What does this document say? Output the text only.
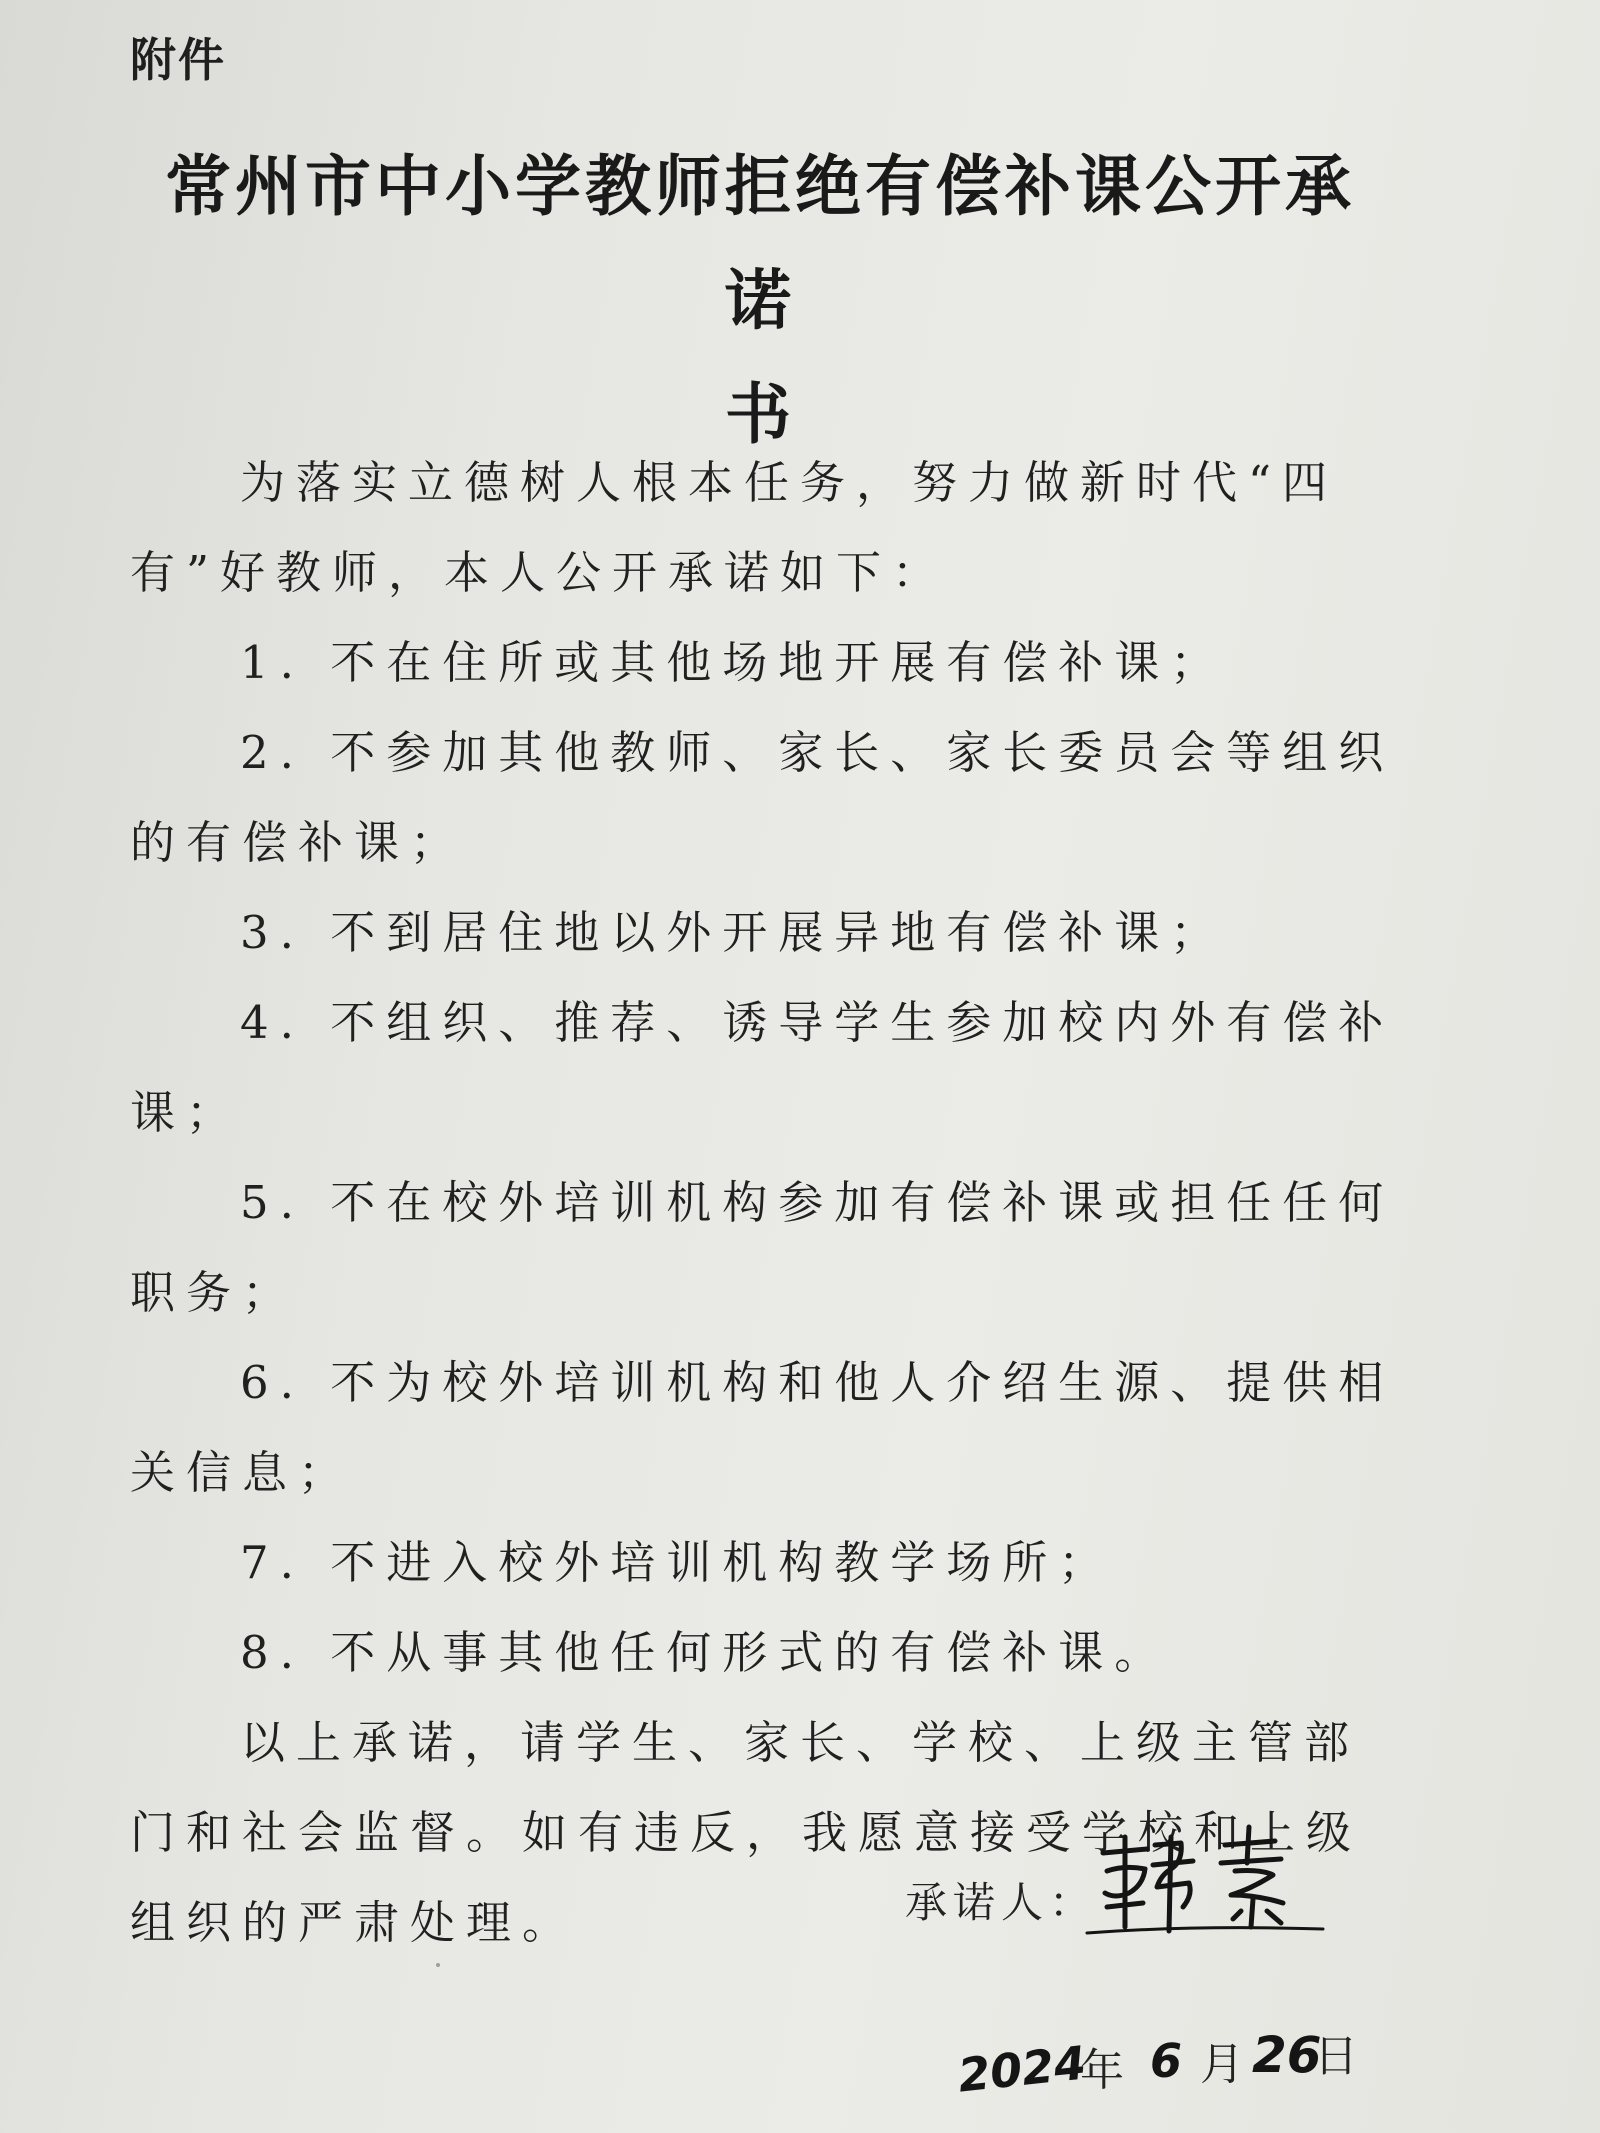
附件
常州市中小学教师拒绝有偿补课公开承诺
书

为落实立德树人根本任务，努力做新时代“四有”好教师，本人公开承诺如下：

1. 不在住所或其他场地开展有偿补课；

2. 不参加其他教师、家长、家长委员会等组织的有偿补课；

3. 不到居住地以外开展异地有偿补课；

4. 不组织、推荐、诱导学生参加校内外有偿补课；

5. 不在校外培训机构参加有偿补课或担任任何职务；

6. 不为校外培训机构和他人介绍生源、提供相关信息；

7. 不进入校外培训机构教学场所；

8. 不从事其他任何形式的有偿补课。

以上承诺，请学生、家长、学校、上级主管部门和社会监督。如有违反，我愿意接受学校和上级组织的严肃处理。	承诺人：
2024
年 6 月 26
日
